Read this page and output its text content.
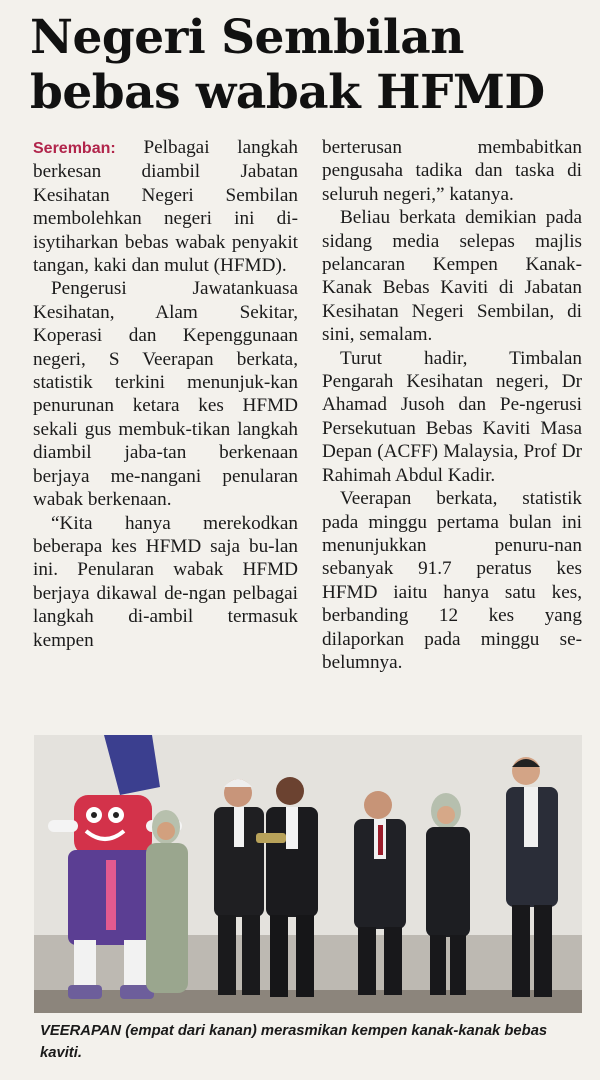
Negeri Sembilan
bebas wabak HFMD

Seremban: Pelbagai langkah berkesan diambil Jabatan Kesihatan Negeri Sembilan membolehkan negeri ini di-isytiharkan bebas wabak penyakit tangan, kaki dan mulut (HFMD).

Pengerusi Jawatankuasa Kesihatan, Alam Sekitar, Koperasi dan Kepenggunaan negeri, S Veerapan berkata, statistik terkini menunjuk-kan penurunan ketara kes HFMD sekali gus membuk-tikan langkah diambil jaba-tan berkenaan berjaya me-nangani penularan wabak berkenaan.

“Kita hanya merekodkan beberapa kes HFMD saja bu-lan ini. Penularan wabak HFMD berjaya dikawal de-ngan pelbagai langkah di-ambil termasuk kempen

berterusan membabitkan pengusaha tadika dan taska di seluruh negeri,” katanya.

Beliau berkata demikian pada sidang media selepas majlis pelancaran Kempen Kanak-Kanak Bebas Kaviti di Jabatan Kesihatan Negeri Sembilan, di sini, semalam.

Turut hadir, Timbalan Pengarah Kesihatan negeri, Dr Ahamad Jusoh dan Pe-ngerusi Persekutuan Bebas Kaviti Masa Depan (ACFF) Malaysia, Prof Dr Rahimah Abdul Kadir.

Veerapan berkata, statistik pada minggu pertama bulan ini menunjukkan penuru-nan sebanyak 91.7 peratus kes HFMD iaitu hanya satu kes, berbanding 12 kes yang dilaporkan pada minggu se-belumnya.

VEERAPAN (empat dari kanan) merasmikan kempen kanak-kanak bebas kaviti.
